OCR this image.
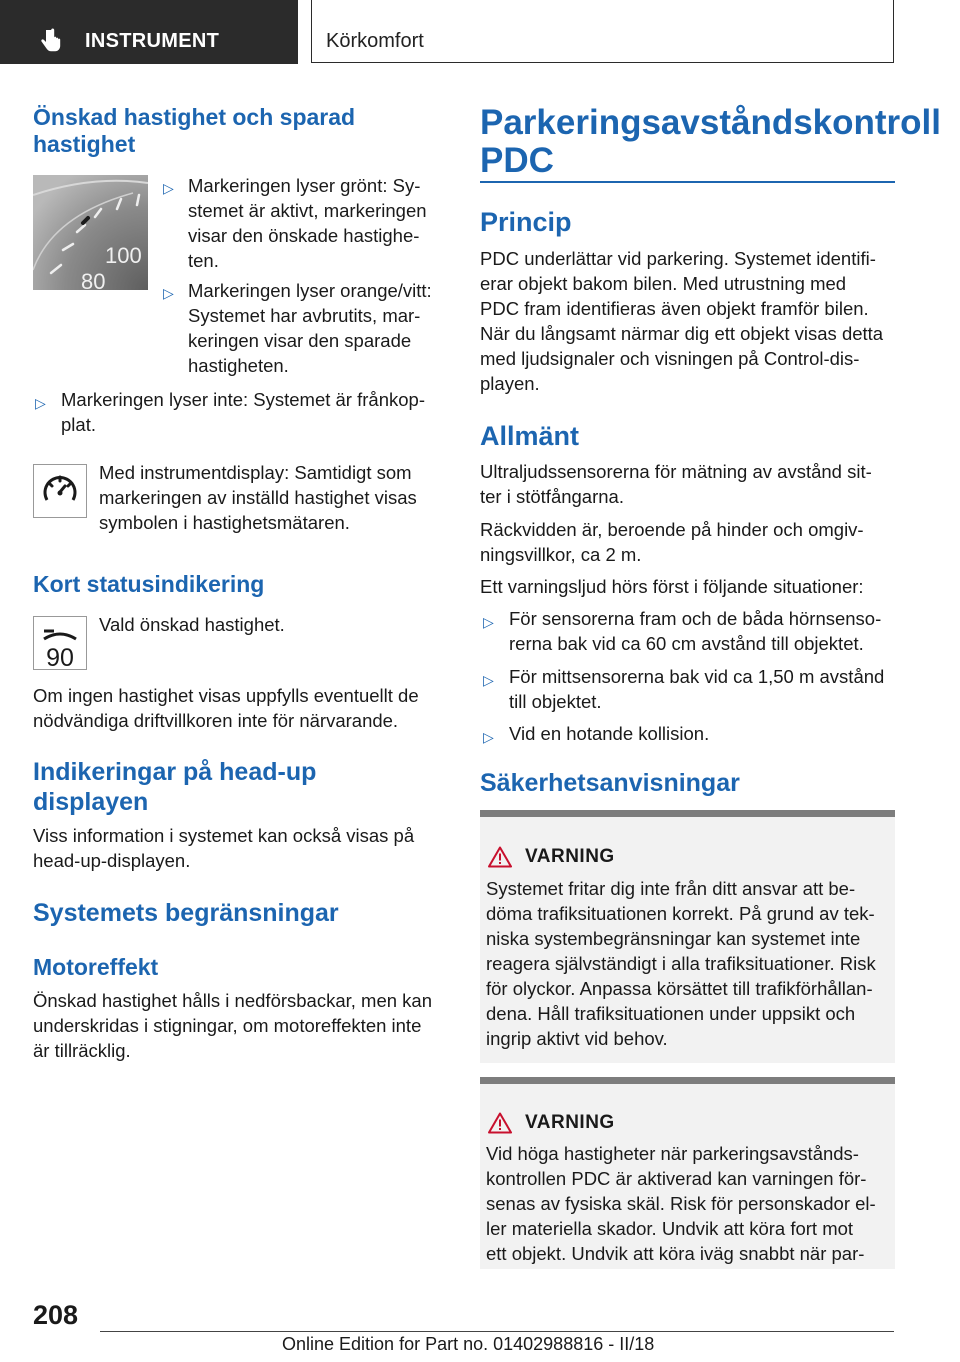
INSTRUMENT	Körkomfort
Önskad hastighet och sparad
hastighet
100
80
▷ Markeringen lyser grönt: Sy-
stemet är aktivt, markeringen
visar den önskade hastighe-
ten.
▷ Markeringen lyser orange/vitt:
Systemet har avbrutits, mar-
keringen visar den sparade
hastigheten.
▷ Markeringen lyser inte: Systemet är frånkop-
plat.
Med instrumentdisplay: Samtidigt som
markeringen av inställd hastighet visas
symbolen i hastighetsmätaren.
Kort statusindikering
90
Vald önskad hastighet.
Om ingen hastighet visas uppfylls eventuellt de
nödvändiga driftvillkoren inte för närvarande.
Indikeringar på head-up
displayen
Viss information i systemet kan också visas på
head-up-displayen.
Systemets begränsningar
Motoreffekt
Önskad hastighet hålls i nedförsbackar, men kan
underskridas i stigningar, om motoreffekten inte
är tillräcklig.
Parkeringsavståndskontroll
PDC
Princip
PDC underlättar vid parkering. Systemet identifi-
erar objekt bakom bilen. Med utrustning med
PDC fram identifieras även objekt framför bilen.
När du långsamt närmar dig ett objekt visas detta
med ljudsignaler och visningen på Control-dis-
playen.
Allmänt
Ultraljudssensorerna för mätning av avstånd sit-
ter i stötfångarna.
Räckvidden är, beroende på hinder och omgiv-
ningsvillkor, ca 2 m.
Ett varningsljud hörs först i följande situationer:
▷ För sensorerna fram och de båda hörnsenso-
rerna bak vid ca 60 cm avstånd till objektet.
▷ För mittsensorerna bak vid ca 1,50 m avstånd
till objektet.
▷ Vid en hotande kollision.
Säkerhetsanvisningar
VARNING
Systemet fritar dig inte från ditt ansvar att be-
döma trafiksituationen korrekt. På grund av tek-
niska systembegränsningar kan systemet inte
reagera självständigt i alla trafiksituationer. Risk
för olyckor. Anpassa körsättet till trafikförhållan-
dena. Håll trafiksituationen under uppsikt och
ingrip aktivt vid behov.
VARNING
Vid höga hastigheter när parkeringsavstånds-
kontrollen PDC är aktiverad kan varningen för-
senas av fysiska skäl. Risk för personskador el-
ler materiella skador. Undvik att köra fort mot
ett objekt. Undvik att köra iväg snabbt när par-
208
Online Edition for Part no. 01402988816 - II/18
